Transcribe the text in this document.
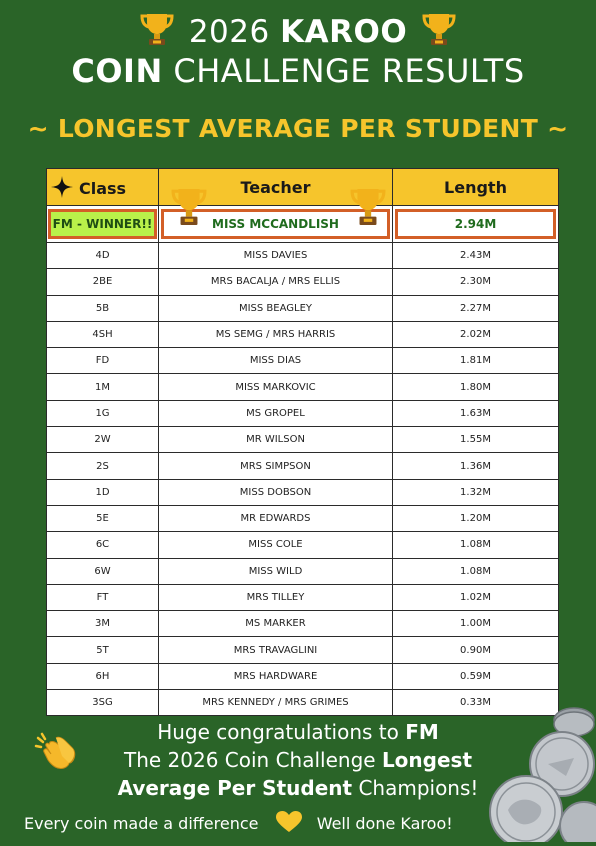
2026 KAROO
COIN CHALLENGE RESULTS
~ LONGEST AVERAGE PER STUDENT ~
Class	Teacher	Length

FM - WINNER!!	MISS MCCANDLISH	2.94M

4D	MISS DAVIES	2.43M
2BE	MRS BACALJA / MRS ELLIS	2.30M
5B	MISS BEAGLEY	2.27M
4SH	MS SEMG / MRS HARRIS	2.02M
FD	MISS DIAS	1.81M
1M	MISS MARKOVIC	1.80M
1G	MS GROPEL	1.63M
2W	MR WILSON	1.55M
2S	MRS SIMPSON	1.36M
1D	MISS DOBSON	1.32M
5E	MR EDWARDS	1.20M
6C	MISS COLE	1.08M
6W	MISS WILD	1.08M
FT	MRS TILLEY	1.02M
3M	MS MARKER	1.00M
5T	MRS TRAVAGLINI	0.90M
6H	MRS HARDWARE	0.59M
3SG	MRS KENNEDY / MRS GRIMES	0.33M
Huge congratulations to FM
The 2026 Coin Challenge Longest
Average Per Student Champions!
Every coin made a difference	Well done Karoo!
